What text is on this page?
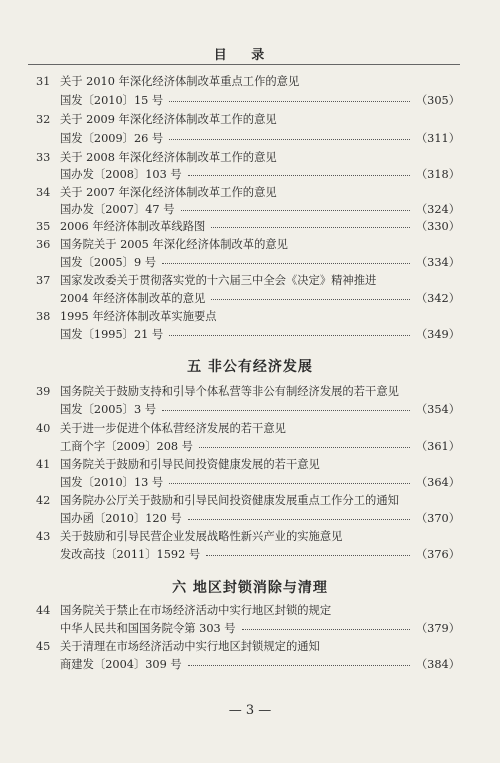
目 录
31 关于 2010 年深化经济体制改革重点工作的意见
国发〔2010〕15 号	（305）
32 关于 2009 年深化经济体制改革工作的意见
国发〔2009〕26 号	（311）
33 关于 2008 年深化经济体制改革工作的意见
国办发〔2008〕103 号	（318）
34 关于 2007 年深化经济体制改革工作的意见
国办发〔2007〕47 号	（324）
35 2006 年经济体制改革线路图	（330）
36 国务院关于 2005 年深化经济体制改革的意见
国发〔2005〕9 号	（334）
37 国家发改委关于贯彻落实党的十六届三中全会《决定》精神推进
2004 年经济体制改革的意见	（342）
38 1995 年经济体制改革实施要点
国发〔1995〕21 号	（349）
五 非公有经济发展
39 国务院关于鼓励支持和引导个体私营等非公有制经济发展的若干意见
国发〔2005〕3 号	（354）
40 关于进一步促进个体私营经济发展的若干意见
工商个字〔2009〕208 号	（361）
41 国务院关于鼓励和引导民间投资健康发展的若干意见
国发〔2010〕13 号	（364）
42 国务院办公厅关于鼓励和引导民间投资健康发展重点工作分工的通知
国办函〔2010〕120 号	（370）
43 关于鼓励和引导民营企业发展战略性新兴产业的实施意见
发改高技〔2011〕1592 号	（376）
六 地区封锁消除与清理
44 国务院关于禁止在市场经济活动中实行地区封锁的规定
中华人民共和国国务院令第 303 号	（379）
45 关于清理在市场经济活动中实行地区封锁规定的通知
商建发〔2004〕309 号	（384）
— 3 —
